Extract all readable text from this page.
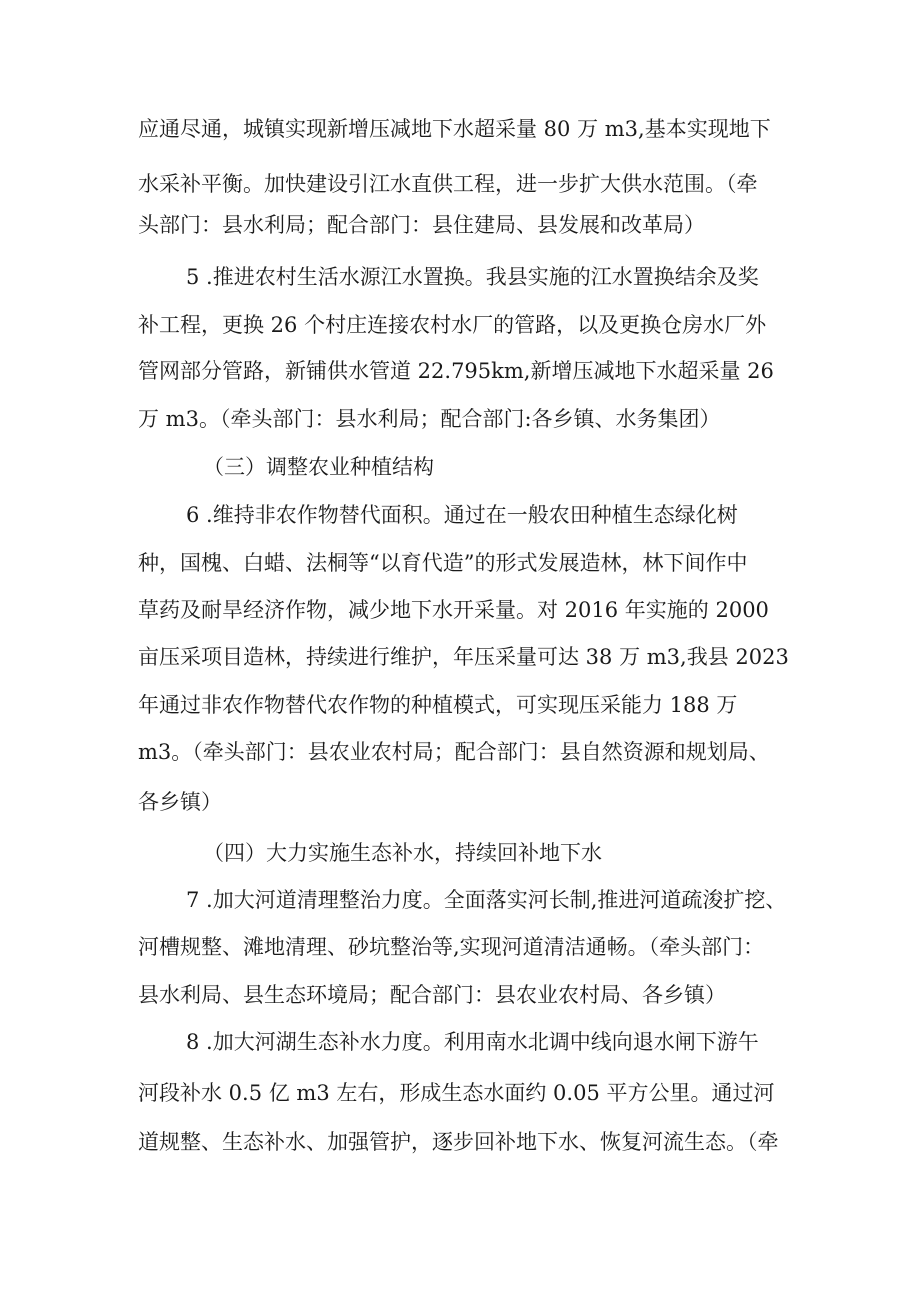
应通尽通，城镇实现新增压减地下水超采量 80 万 m3,基本实现地下
水采补平衡。加快建设引江水直供工程，进一步扩大供水范围。（牵
头部门：县水利局；配合部门：县住建局、县发展和改革局）
5 .推进农村生活水源江水置换。我县实施的江水置换结余及奖
补工程，更换 26 个村庄连接农村水厂的管路，以及更换仓房水厂外
管网部分管路，新铺供水管道 22.795km,新增压减地下水超采量 26
万 m3。（牵头部门：县水利局；配合部门:各乡镇、水务集团）
（三）调整农业种植结构
6 .维持非农作物替代面积。通过在一般农田种植生态绿化树
种，国槐、白蜡、法桐等“以育代造”的形式发展造林，林下间作中
草药及耐旱经济作物，减少地下水开采量。对 2016 年实施的 2000
亩压采项目造林，持续进行维护，年压采量可达 38 万 m3,我县 2023
年通过非农作物替代农作物的种植模式，可实现压采能力 188 万
m3。（牵头部门：县农业农村局；配合部门：县自然资源和规划局、
各乡镇）
（四）大力实施生态补水，持续回补地下水
7 .加大河道清理整治力度。全面落实河长制,推进河道疏浚扩挖、
河槽规整、滩地清理、砂坑整治等,实现河道清洁通畅。（牵头部门：
县水利局、县生态环境局；配合部门：县农业农村局、各乡镇）
8 .加大河湖生态补水力度。利用南水北调中线向退水闸下游午
河段补水 0.5 亿 m3 左右，形成生态水面约 0.05 平方公里。通过河
道规整、生态补水、加强管护，逐步回补地下水、恢复河流生态。（牵
